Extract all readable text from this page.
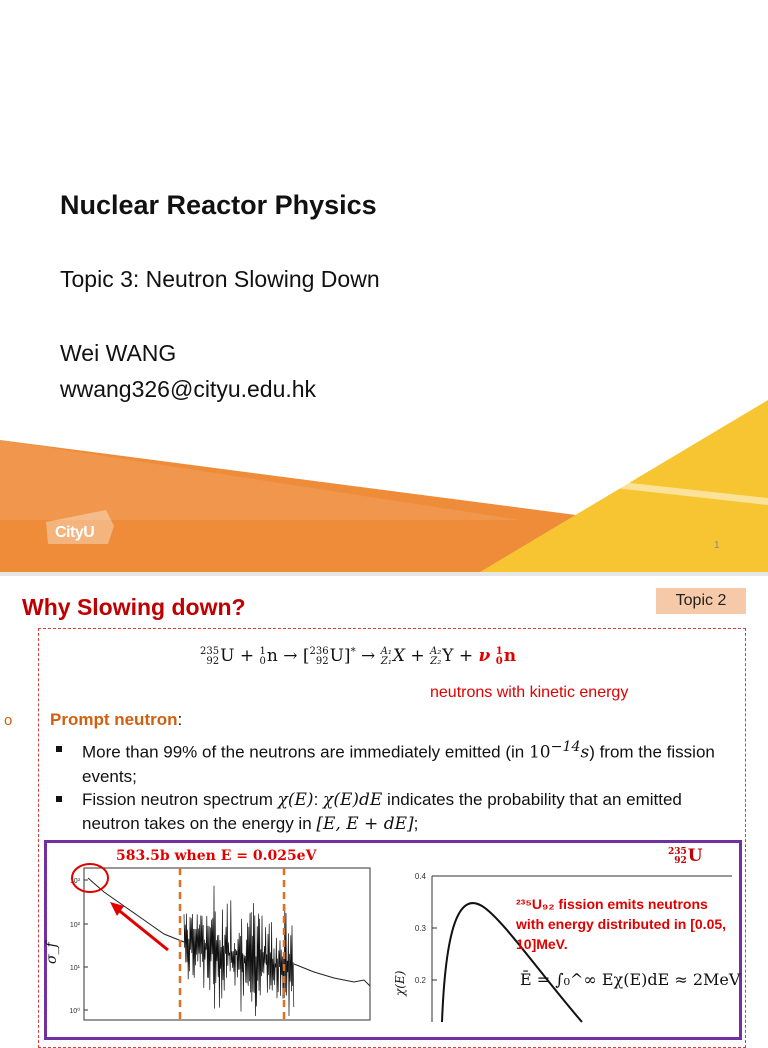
Nuclear Reactor Physics
Topic 3: Neutron Slowing Down
Wei WANG
wwang326@cityu.edu.hk
CityU
1
Why Slowing down?	Topic 2
235
92 U + 1
0 n → [ 236
92 U]* → A₁
Z₁ X + A₂
Z₂ Y + ν 1
0 n
neutrons with kinetic energy
o Prompt neutron:
More than 99% of the neutrons are immediately emitted (in $10^{-14}s$) from the fission events;
Fission neutron spectrum χ(E): χ(E)dE indicates the probability that an emitted neutron takes on the energy in [E, E + dE];
583.5b when E = 0.025eV
10³
10²
10¹
10⁰
σ_f
0.4
0.3
0.2
χ(E)
235
92 U
²³⁵U₉₂ fission emits neutrons with energy distributed in [0.05, 10]MeV.
Ē = ∫₀^∞ Eχ(E)dE ≈ 2MeV
